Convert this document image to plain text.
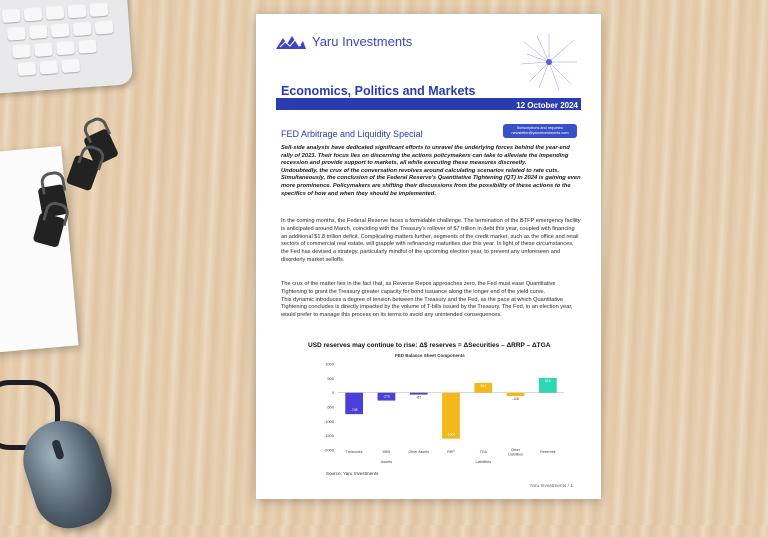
Yaru Investments
Economics, Politics and Markets
12 October 2024
FED Arbitrage and Liquidity Special
Subscriptions and requests:
newsletter@yaruinvestments.com

Sell-side analysts have dedicated significant efforts to unravel the underlying forces behind the year-end rally of 2023. Their focus lies on discerning the actions policymakers can take to alleviate the impending recession and provide support to markets, all while executing these measures discreetly.

Undoubtedly, the crux of the conversation revolves around calculating scenarios related to rate cuts. Simultaneously, the conclusion of the Federal Reserve's Quantitative Tightening (QT) in 2024 is gaining even more prominence. Policymakers are shifting their discussions from the possibility of these actions to the specifics of how and when they should be implemented.

In the coming months, the Federal Reserve faces a formidable challenge. The termination of the BTFP emergency facility is anticipated around March, coinciding with the Treasury's rollover of $7 trillion in debt this year, coupled with financing an additional $1.8 trillion deficit. Complicating matters further, segments of the credit market, such as the office and retail sectors of commercial real estate, will grapple with refinancing maturities due this year. In light of these circumstances, the Fed has devised a strategy, particularly mindful of the upcoming election year, to prevent any unforeseen and disorderly market selloffs.

The crux of the matter lies in the fact that, as Reverse Repos approaches zero, the Fed must ease Quantitative Tightening to grant the Treasury greater capacity for bond issuance along the longer end of the yield curve.

This dynamic introduces a degree of tension between the Treasury and the Fed, as the pace at which Quantitative Tightening concludes is directly impacted by the volume of T-bills issued by the Treasury. The Fed, in an election year, would prefer to manage this process on its terms to avoid any unintended consequences.

USD reserves may continue to rise: Δ$ reserves = ΔSecurities – ΔRRP – ΔTGA
FED Balance Sheet Components
1000
500
0
-500
-1000
-1500
-2000
-748
Treasuries
-276
MBS
-67
Other Assets
-1604
RRP
344
TGA
-118
Other
Liabilities
515
Reserves
Assets	Liabilities
Source: Yaru Investments
Yaru Investments / 1
